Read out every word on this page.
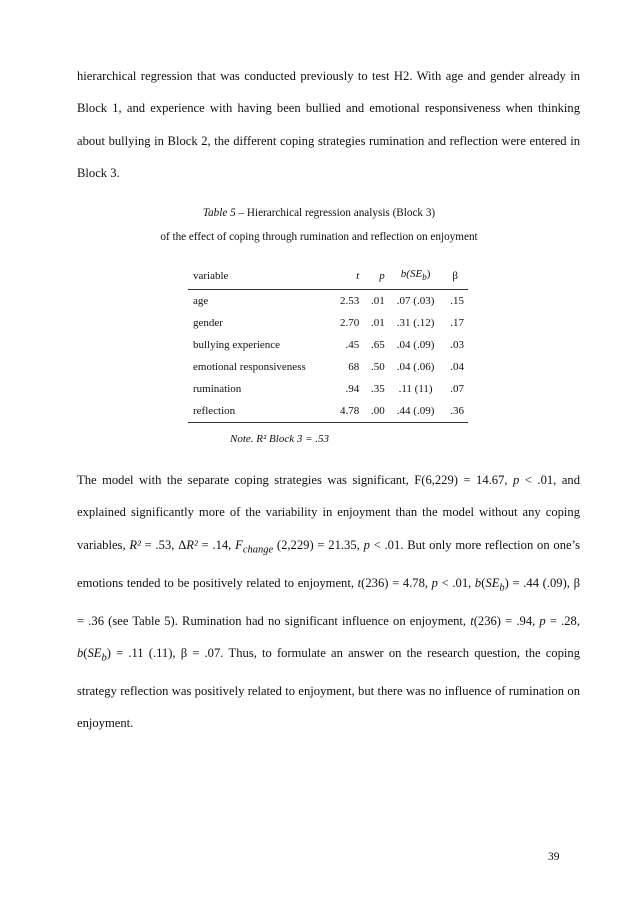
hierarchical regression that was conducted previously to test H2. With age and gender already in Block 1, and experience with having been bullied and emotional responsiveness when thinking about bullying in Block 2, the different coping strategies rumination and reflection were entered in Block 3.

Table 5 – Hierarchical regression analysis (Block 3)
of the effect of coping through rumination and reflection on enjoyment
variable	t	p	$b(SE_b)$	β
age	2.53	.01	.07 (.03)	.15
gender	2.70	.01	.31 (.12)	.17
bullying experience	.45	.65	.04 (.09)	.03
emotional responsiveness	68	.50	.04 (.06)	.04
rumination	.94	.35	.11 (11)	.07
reflection	4.78	.00	.44 (.09)	.36
Note. R² Block 3 = .53

The model with the separate coping strategies was significant, F(6,229) = 14.67, p < .01, and explained significantly more of the variability in enjoyment than the model without any coping variables, R² = .53, ΔR² = .14, $F_{change}$ (2,229) = 21.35, p < .01. But only more reflection on one’s emotions tended to be positively related to enjoyment, t(236) = 4.78, p < .01, $b(SE_b) = .44$ (.09), β = .36 (see Table 5). Rumination had no significant influence on enjoyment, t(236) = .94, p = .28, $b(SE_b) = .11$ (.11), β = .07. Thus, to formulate an answer on the research question, the coping strategy reflection was positively related to enjoyment, but there was no influence of rumination on enjoyment.

39
